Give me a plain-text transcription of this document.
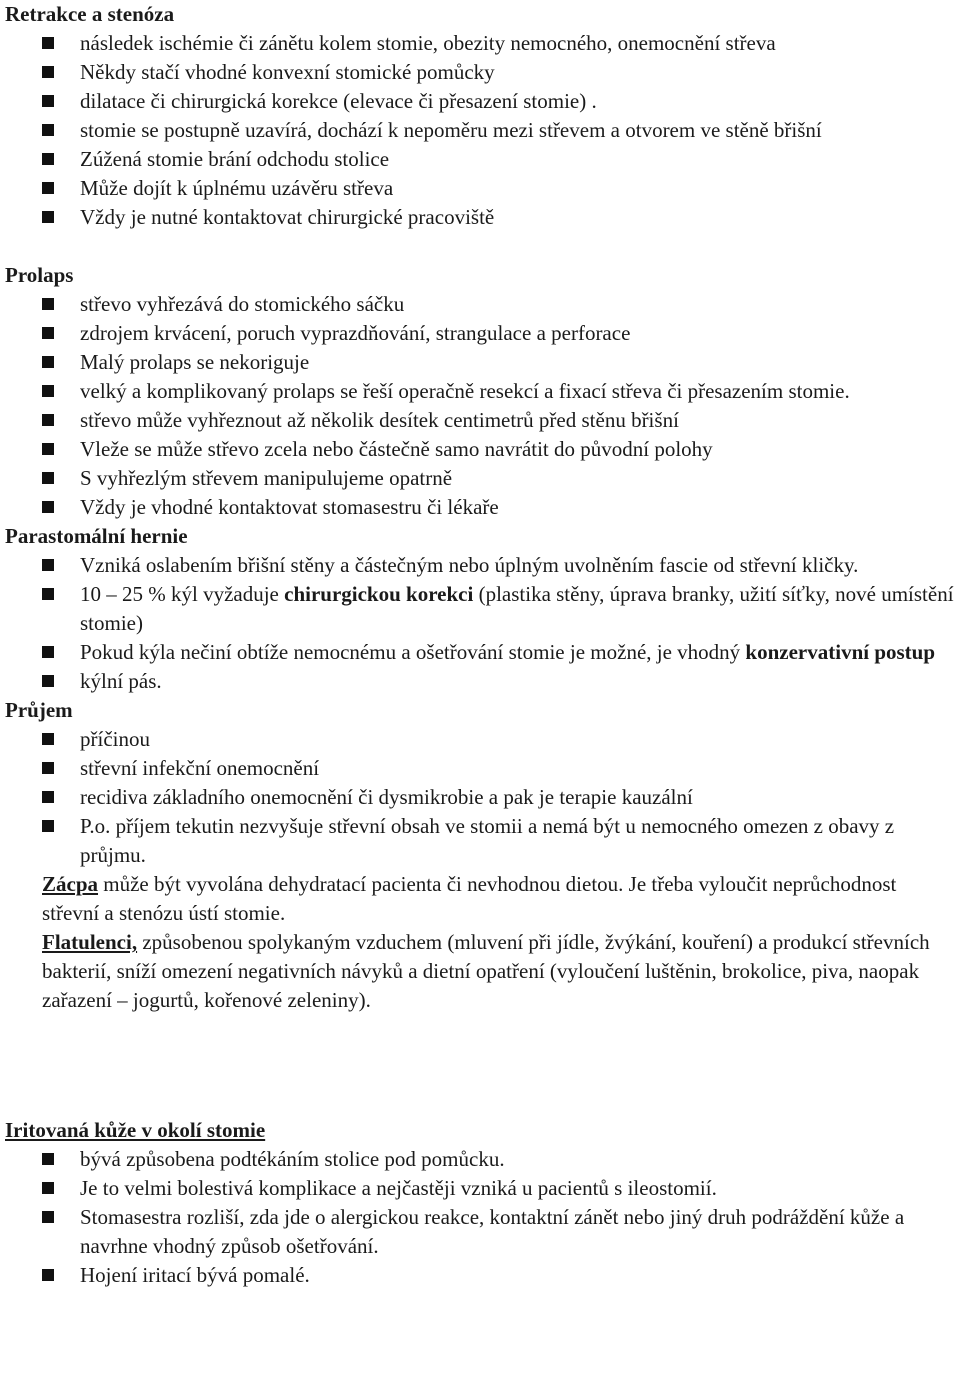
Retrakce a stenóza
následek ischémie či zánětu kolem stomie, obezity nemocného, onemocnění střeva
Někdy stačí vhodné konvexní stomické pomůcky
dilatace či chirurgická korekce (elevace či přesazení stomie) .
stomie se postupně uzavírá, dochází k nepoměru mezi střevem a otvorem ve stěně břišní
Zúžená stomie brání odchodu stolice
Může dojít k úplnému uzávěru střeva
Vždy je nutné kontaktovat chirurgické pracoviště
Prolaps
střevo vyhřezává do stomického sáčku
zdrojem krvácení, poruch vyprazdňování, strangulace a perforace
Malý prolaps se nekoriguje
velký a komplikovaný prolaps se řeší operačně resekcí a fixací střeva či přesazením stomie.
střevo může vyhřeznout až několik desítek centimetrů před stěnu břišní
Vleže se může střevo zcela nebo částečně samo navrátit do původní polohy
S vyhřezlým střevem manipulujeme opatrně
Vždy je vhodné kontaktovat stomasestru či lékaře
Parastomální hernie
Vzniká oslabením břišní stěny a částečným nebo úplným uvolněním fascie od střevní kličky.
10 – 25 % kýl vyžaduje chirurgickou korekci (plastika stěny, úprava branky, užití síťky, nové umístění stomie)
Pokud kýla nečiní obtíže nemocnému a ošetřování stomie je možné, je vhodný konzervativní postup
kýlní pás.
Průjem
příčinou
střevní infekční onemocnění
recidiva základního onemocnění či dysmikrobie a pak je terapie kauzální
P.o. příjem tekutin nezvyšuje střevní obsah ve stomii a nemá být u nemocného omezen z obavy z průjmu.

Zácpa může být vyvolána dehydratací pacienta či nevhodnou dietou. Je třeba vyloučit neprůchodnost střevní a stenózu ústí stomie.

Flatulenci, způsobenou spolykaným vzduchem (mluvení při jídle, žvýkání, kouření) a produkcí střevních bakterií, sníží omezení negativních návyků a dietní opatření (vyloučení luštěnin, brokolice, piva, naopak zařazení – jogurtů, kořenové zeleniny).

Iritovaná kůže v okolí stomie
bývá způsobena podtékáním stolice pod pomůcku.
Je to velmi bolestivá komplikace a nejčastěji vzniká u pacientů s ileostomií.
Stomasestra rozliší, zda jde o alergickou reakce, kontaktní zánět nebo jiný druh podráždění kůže a navrhne vhodný způsob ošetřování.
Hojení iritací bývá pomalé.
